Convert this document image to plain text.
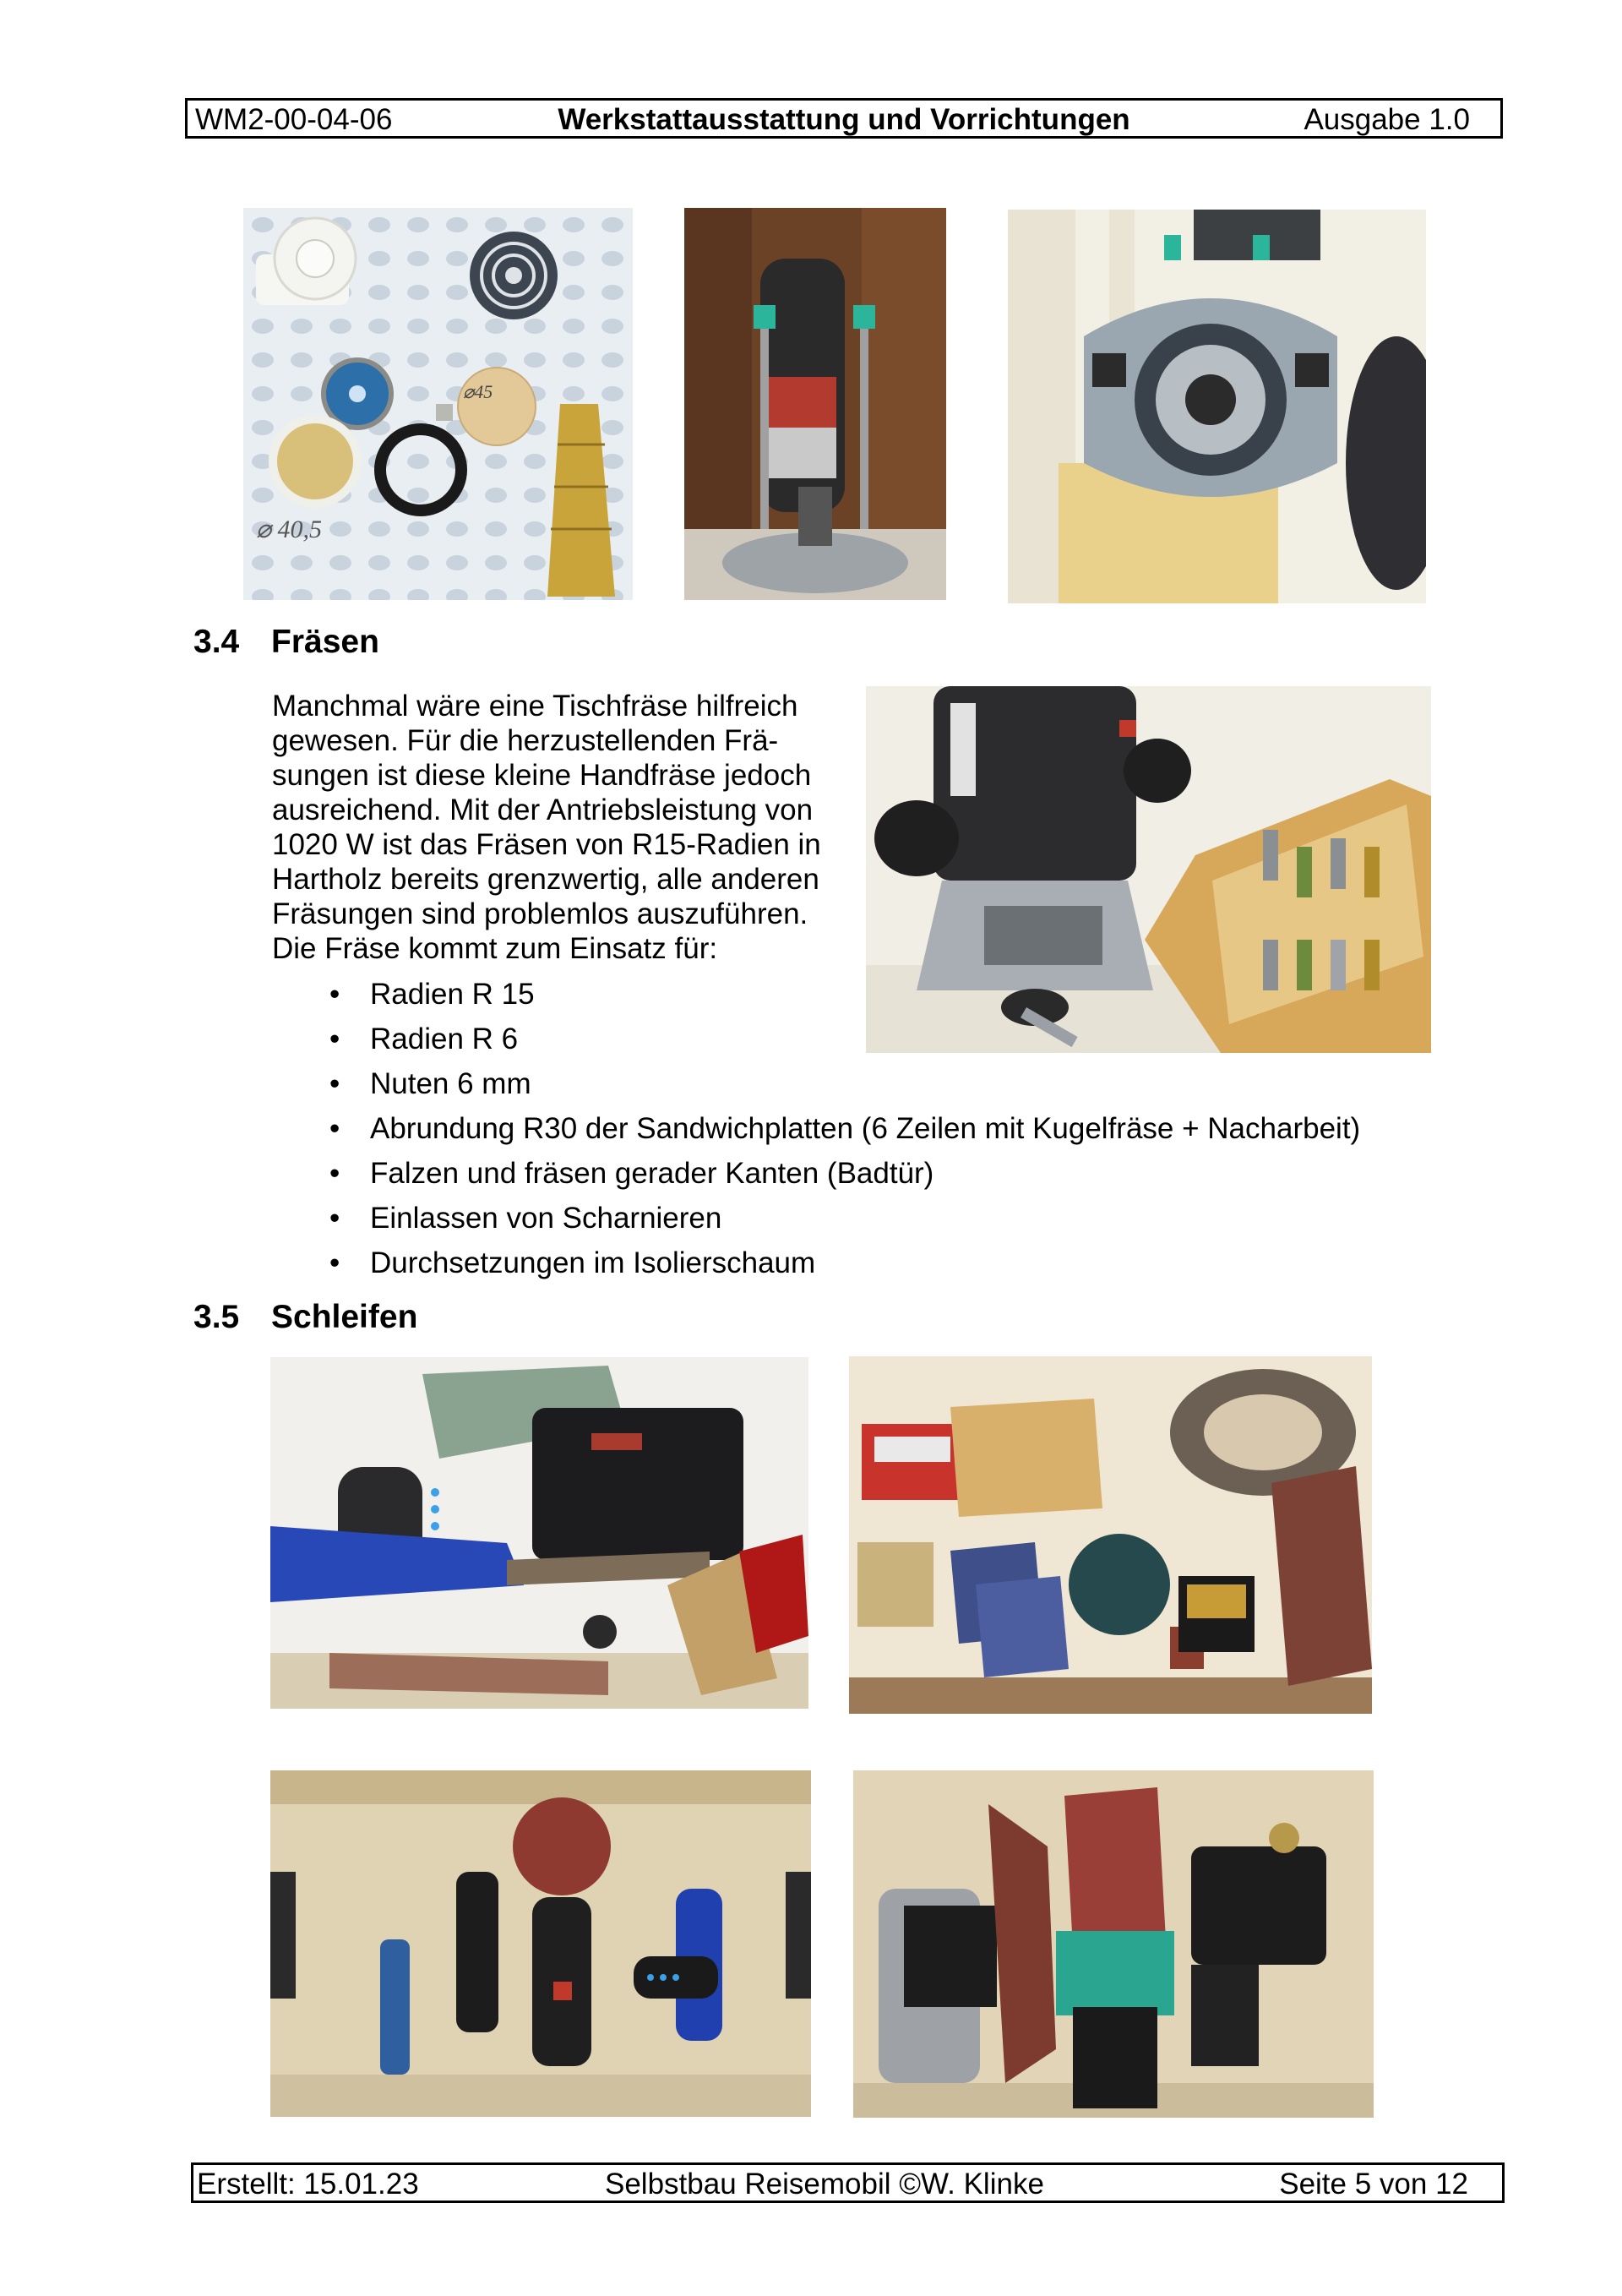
WM2-00-04-06	Werkstattausstattung und Vorrichtungen	Ausgabe 1.0
⌀ 40,5
⌀45
3.4 Fräsen
Manchmal wäre eine Tischfräse hilfreich
gewesen. Für die herzustellenden Frä-
sungen ist diese kleine Handfräse jedoch
ausreichend. Mit der Antriebsleistung von
1020 W ist das Fräsen von R15-Radien in
Hartholz bereits grenzwertig, alle anderen
Fräsungen sind problemlos auszuführen.
Die Fräse kommt zum Einsatz für:
• Radien R 15
• Radien R 6
• Nuten 6 mm
• Abrundung R30 der Sandwichplatten (6 Zeilen mit Kugelfräse + Nacharbeit)
• Falzen und fräsen gerader Kanten (Badtür)
• Einlassen von Scharnieren
• Durchsetzungen im Isolierschaum
3.5 Schleifen
Erstellt: 15.01.23	Selbstbau Reisemobil ©W. Klinke	Seite 5 von 12
